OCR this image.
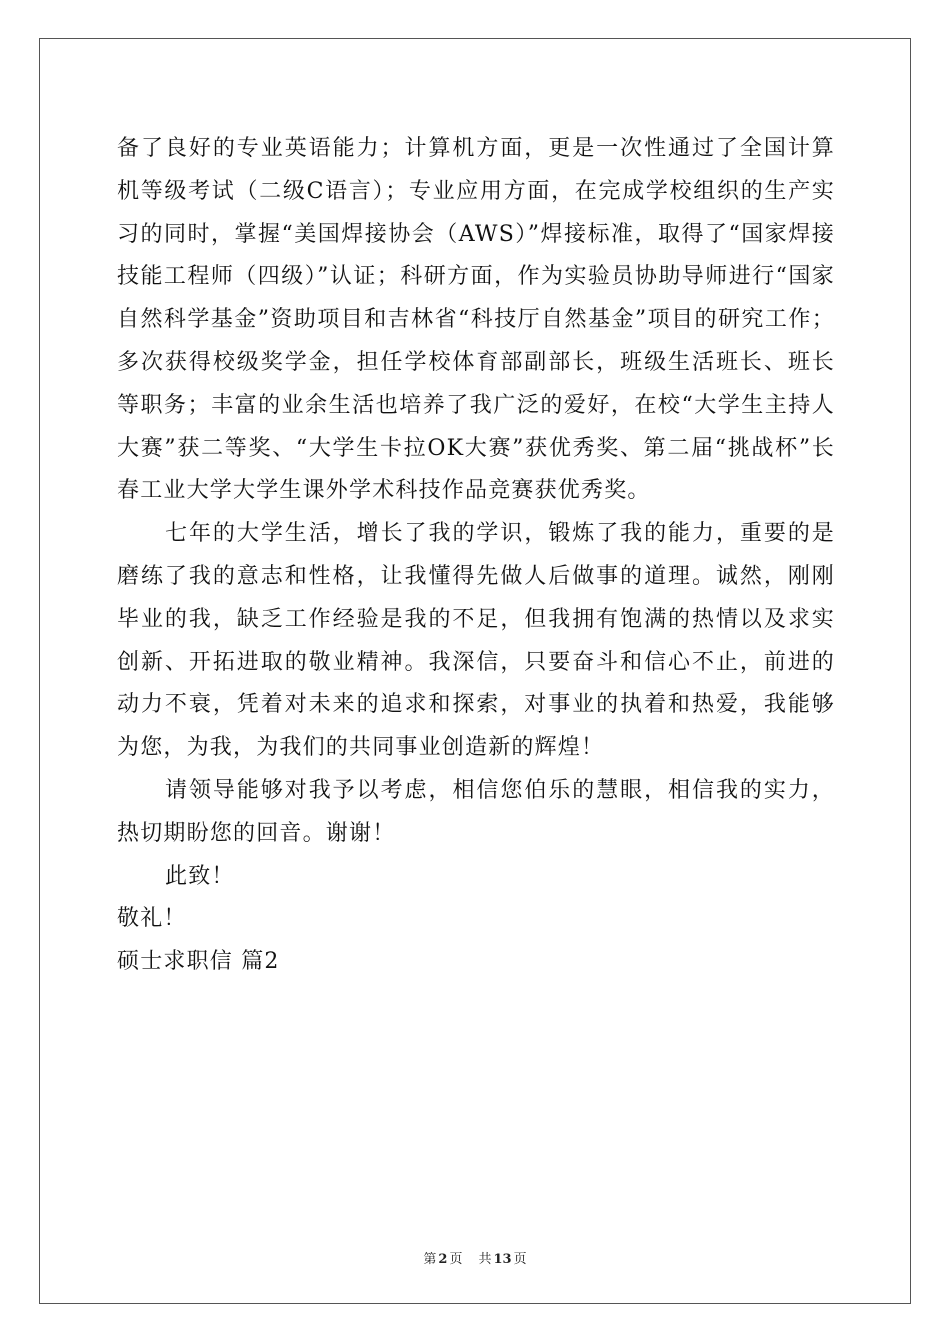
备了良好的专业英语能力；计算机方面，更是一次性通过了全国计算机等级考试（二级C语言）；专业应用方面，在完成学校组织的生产实习的同时，掌握“美国焊接协会（AWS）”焊接标准，取得了“国家焊接技能工程师（四级）”认证；科研方面，作为实验员协助导师进行“国家自然科学基金”资助项目和吉林省“科技厅自然基金”项目的研究工作；多次获得校级奖学金，担任学校体育部副部长，班级生活班长、班长等职务；丰富的业余生活也培养了我广泛的爱好，在校“大学生主持人大赛”获二等奖、“大学生卡拉OK大赛”获优秀奖、第二届“挑战杯”长春工业大学大学生课外学术科技作品竞赛获优秀奖。

七年的大学生活，增长了我的学识，锻炼了我的能力，重要的是磨练了我的意志和性格，让我懂得先做人后做事的道理。诚然，刚刚毕业的我，缺乏工作经验是我的不足，但我拥有饱满的热情以及求实创新、开拓进取的敬业精神。我深信，只要奋斗和信心不止，前进的动力不衰，凭着对未来的追求和探索，对事业的执着和热爱，我能够为您，为我，为我们的共同事业创造新的辉煌！

请领导能够对我予以考虑，相信您伯乐的慧眼，相信我的实力，热切期盼您的回音。谢谢！

此致！

敬礼！

硕士求职信 篇2

第 2 页 共 13 页
